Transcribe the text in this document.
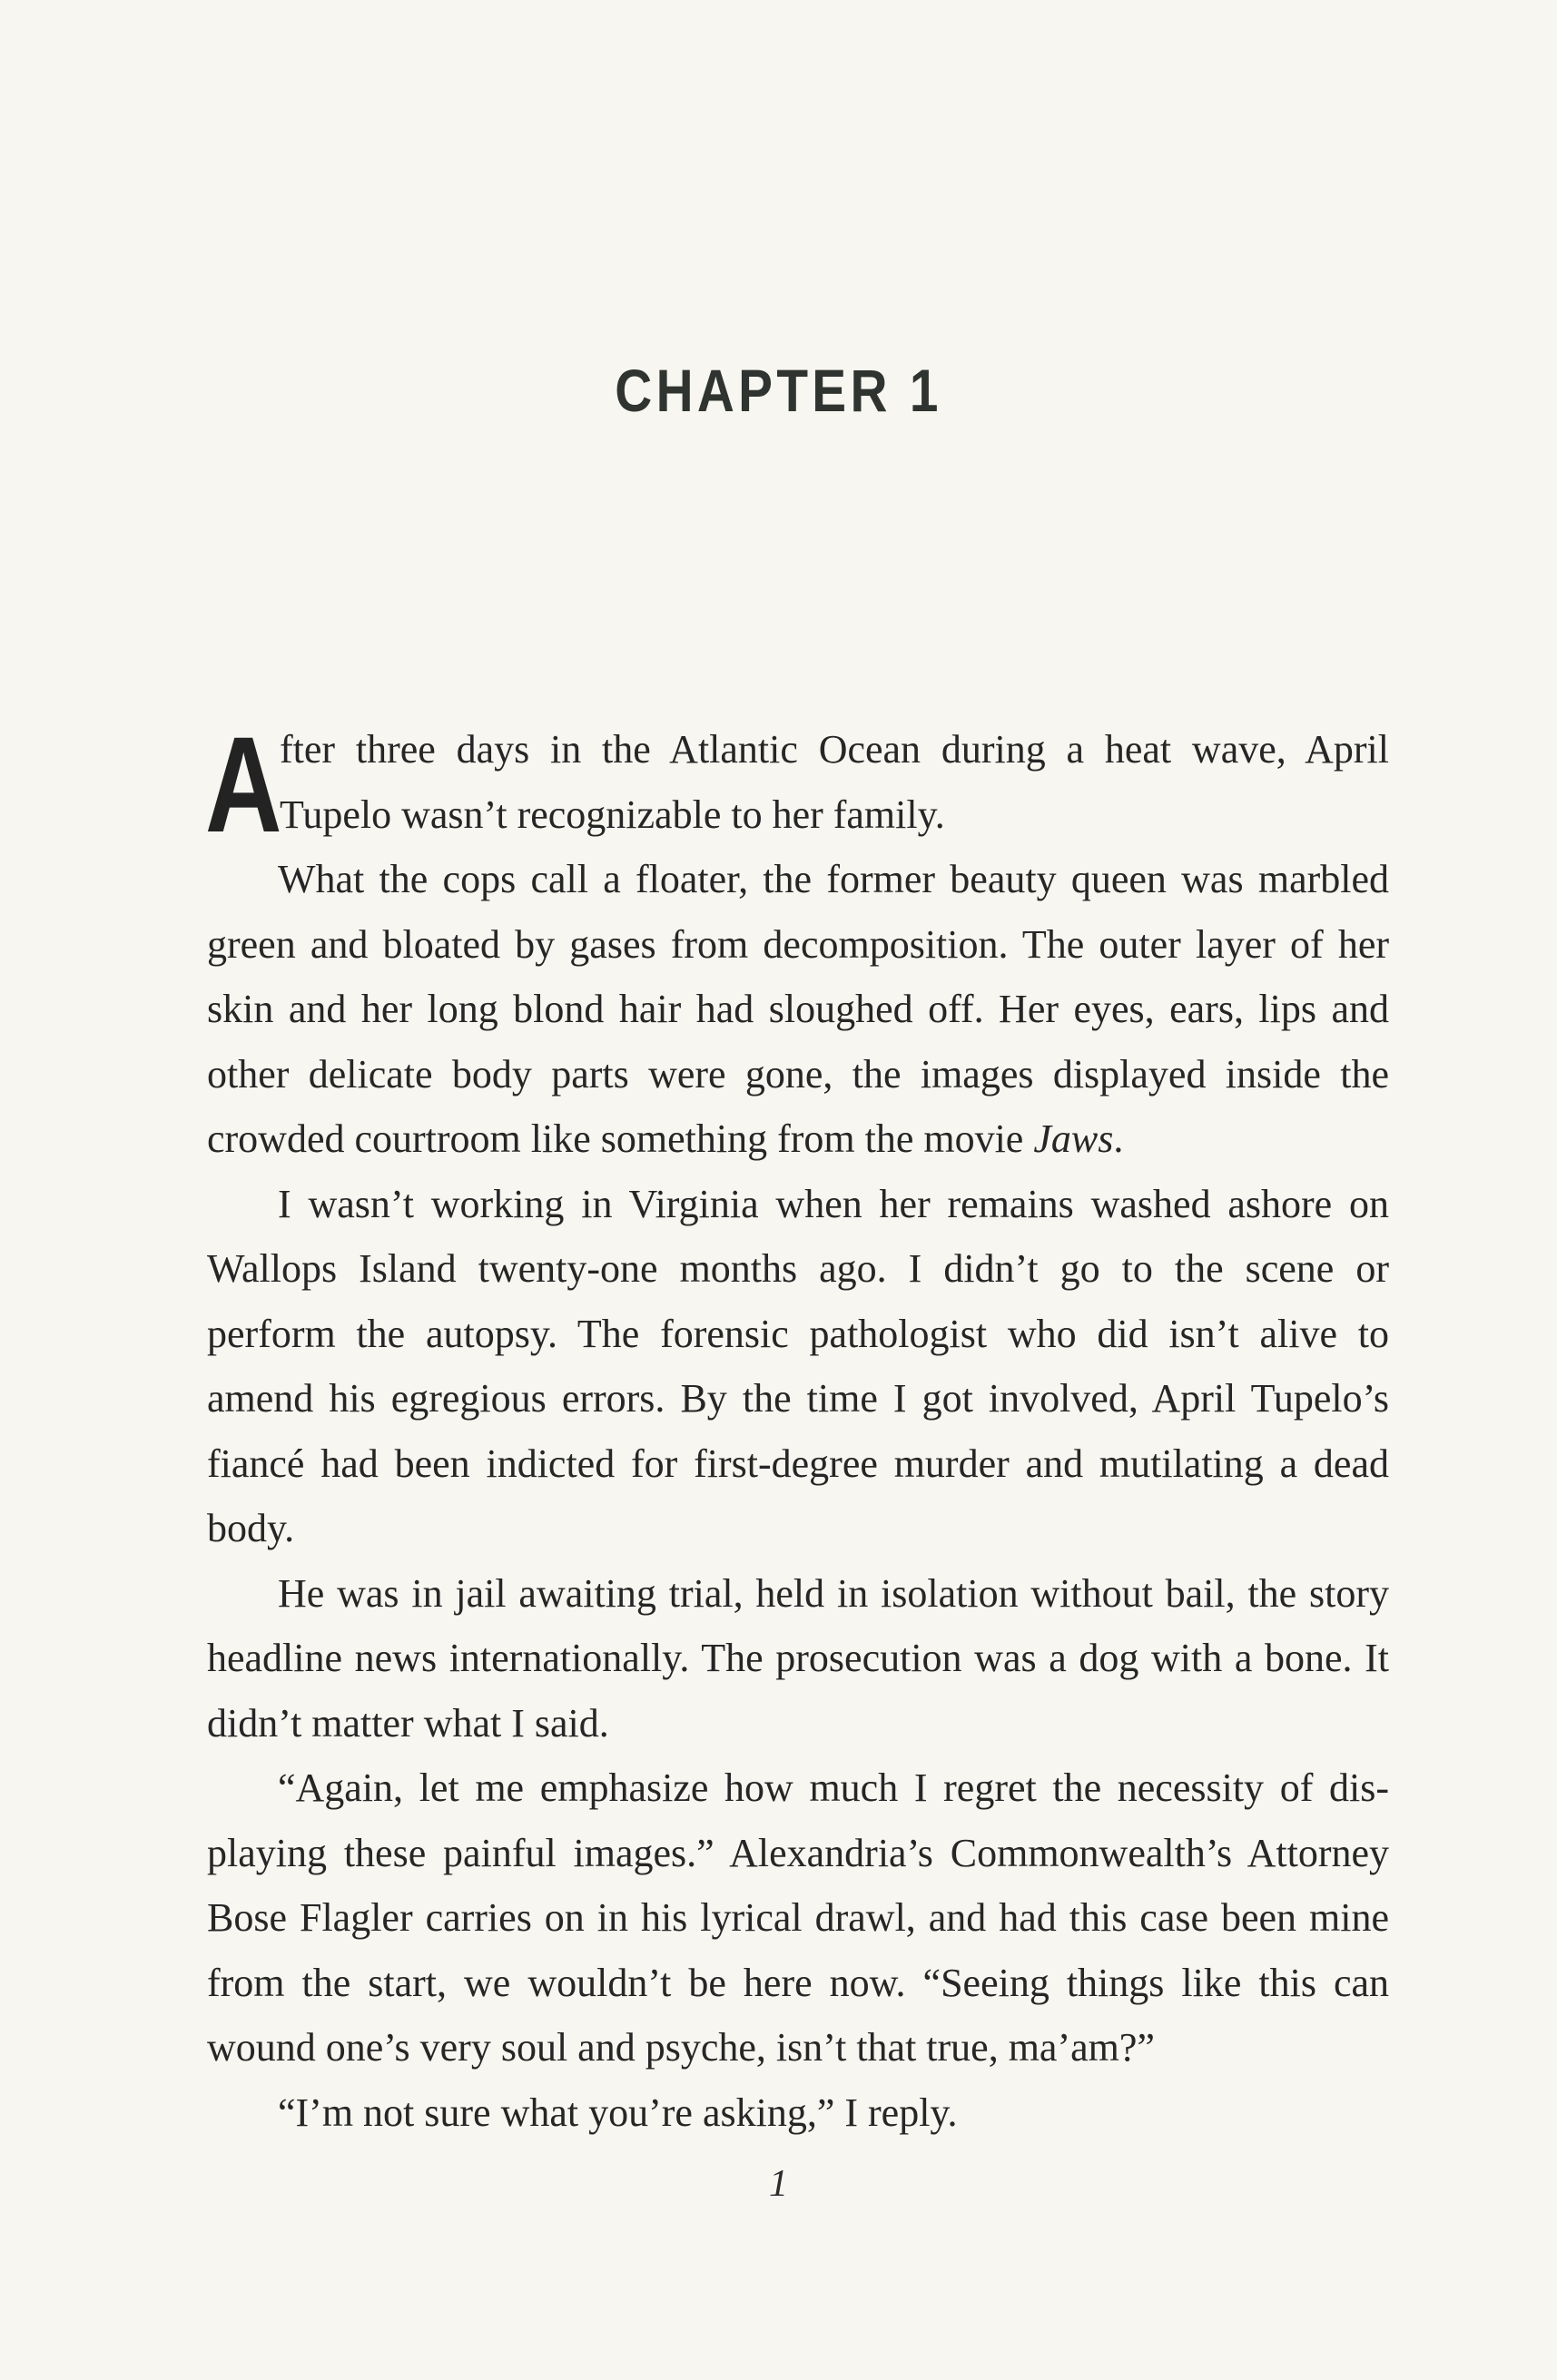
CHAPTER 1

A
fter three days in the Atlantic Ocean during a heat wave, April Tupelo wasn’t recognizable to her family.

What the cops call a floater, the former beauty queen was marbled green and bloated by gases from decomposition. The outer layer of her skin and her long blond hair had sloughed off. Her eyes, ears, lips and other delicate body parts were gone, the images displayed inside the crowded courtroom like something from the movie Jaws.

I wasn’t working in Virginia when her remains washed ashore on Wallops Island twenty-one months ago. I didn’t go to the scene or perform the autopsy. The forensic pathologist who did isn’t alive to amend his egregious errors. By the time I got involved, April Tupelo’s fiancé had been indicted for first-degree murder and mutilating a dead body.

He was in jail awaiting trial, held in isolation without bail, the story headline news internationally. The prosecution was a dog with a bone. It didn’t matter what I said.

“Again, let me emphasize how much I regret the necessity of displaying these painful images.” Alexandria’s Commonwealth’s Attorney Bose Flagler carries on in his lyrical drawl, and had this case been mine from the start, we wouldn’t be here now. “Seeing things like this can wound one’s very soul and psyche, isn’t that true, ma’am?”

“I’m not sure what you’re asking,” I reply.

1
